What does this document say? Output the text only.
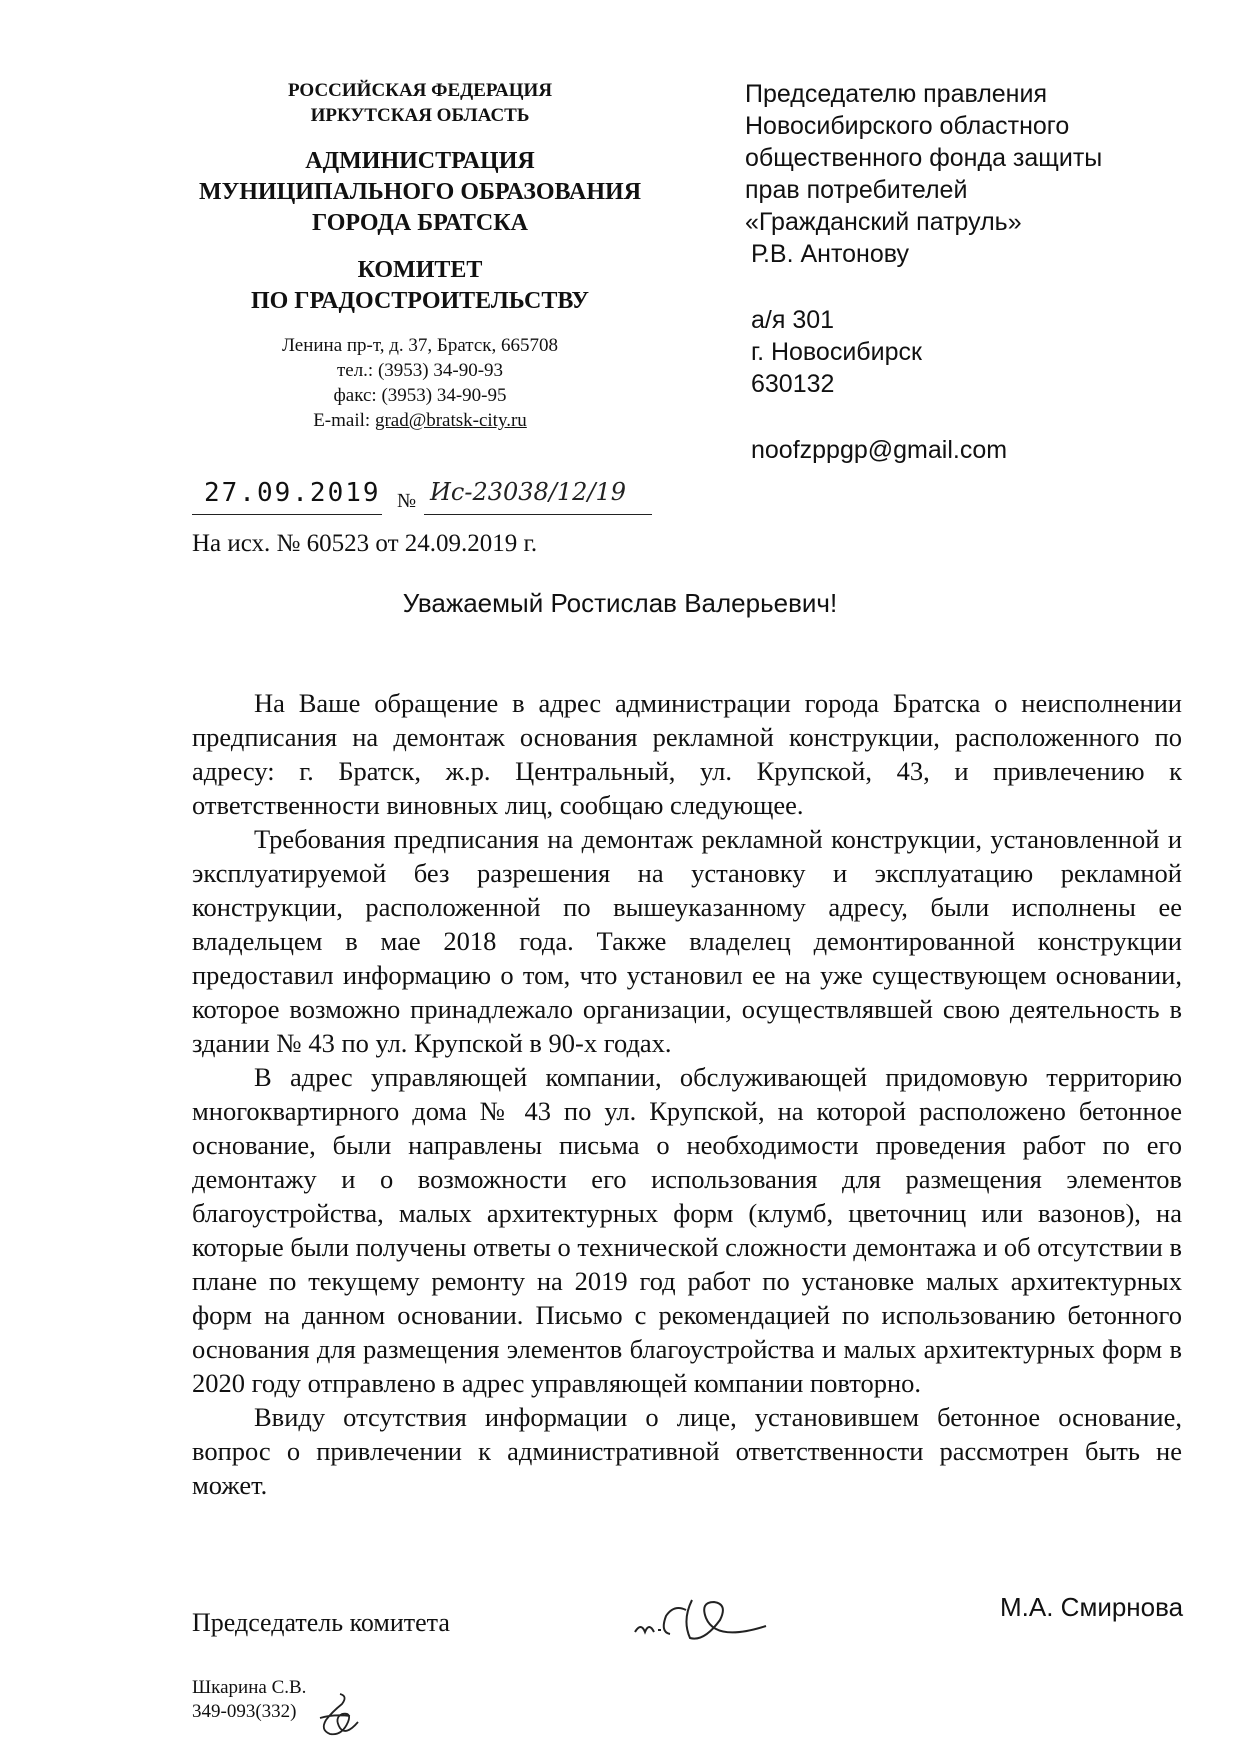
РОССИЙСКАЯ ФЕДЕРАЦИЯ
ИРКУТСКАЯ ОБЛАСТЬ
АДМИНИСТРАЦИЯ
МУНИЦИПАЛЬНОГО ОБРАЗОВАНИЯ
ГОРОДА БРАТСКА
КОМИТЕТ
ПО ГРАДОСТРОИТЕЛЬСТВУ
Ленина пр-т, д. 37, Братск, 665708
тел.: (3953) 34-90-93
факс: (3953) 34-90-95
E-mail: grad@bratsk-city.ru
27.09.2019 № Ис-23038/12/19
На исх. № 60523 от 24.09.2019 г.
Председателю правления
Новосибирского областного
общественного фонда защиты
прав потребителей
«Гражданский патруль»
Р.В. Антонову
а/я 301
г. Новосибирск
630132
noofzppgp@gmail.com
Уважаемый Ростислав Валерьевич!

На Ваше обращение в адрес администрации города Братска о неисполнении предписания на демонтаж основания рекламной конструкции, расположенного по адресу: г. Братск, ж.р. Центральный, ул. Крупской, 43, и привлечению к ответственности виновных лиц, сообщаю следующее.

Требования предписания на демонтаж рекламной конструкции, установленной и эксплуатируемой без разрешения на установку и эксплуатацию рекламной конструкции, расположенной по вышеуказанному адресу, были исполнены ее владельцем в мае 2018 года. Также владелец демонтированной конструкции предоставил информацию о том, что установил ее на уже существующем основании, которое возможно принадлежало организации, осуществлявшей свою деятельность в здании № 43 по ул. Крупской в 90-х годах.

В адрес управляющей компании, обслуживающей придомовую территорию многоквартирного дома № 43 по ул. Крупской, на которой расположено бетонное основание, были направлены письма о необходимости проведения работ по его демонтажу и о возможности его использования для размещения элементов благоустройства, малых архитектурных форм (клумб, цветочниц или вазонов), на которые были получены ответы о технической сложности демонтажа и об отсутствии в плане по текущему ремонту на 2019 год работ по установке малых архитектурных форм на данном основании. Письмо с рекомендацией по использованию бетонного основания для размещения элементов благоустройства и малых архитектурных форм в 2020 году отправлено в адрес управляющей компании повторно.

Ввиду отсутствия информации о лице, установившем бетонное основание, вопрос о привлечении к административной ответственности рассмотрен быть не может.

Председатель комитета
М.А. Смирнова
Шкарина С.В.
349-093(332)
